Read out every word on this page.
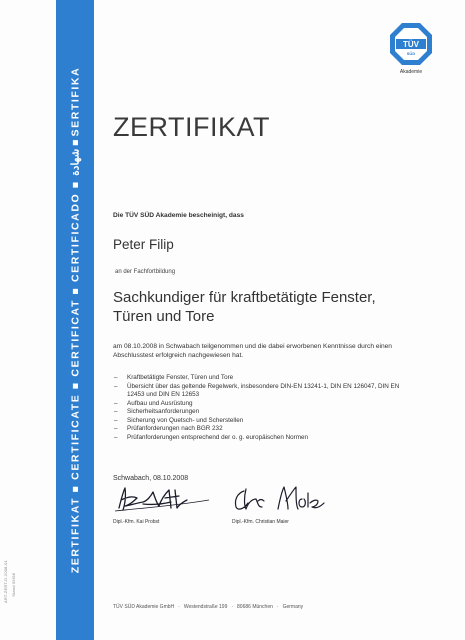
ART-ZERT-D-2008-01 Stand 05/08
ZERTIFIKAT ■ CERTIFICATE ■ CERTIFICAT ■ CERTIFICADO ■ شهادة ■ SERTIFIKA
TÜV
SÜD
Akademie
ZERTIFIKAT
Die TÜV SÜD Akademie bescheinigt, dass
Peter Filip
an der Fachfortbildung
Sachkundiger für kraftbetätigte Fenster,
Türen und Tore
am 08.10.2008 in Schwabach teilgenommen und die dabei erworbenen Kenntnisse durch einen Abschlusstest erfolgreich nachgewiesen hat.
– Kraftbetätigte Fenster, Türen und Tore
– Übersicht über das geltende Regelwerk, insbesondere DIN-EN 13241-1, DIN EN 126047, DIN EN 12453 und DIN EN 12653
– Aufbau und Ausrüstung
– Sicherheitsanforderungen
– Sicherung von Quetsch- und Scherstellen
– Prüfanforderungen nach BGR 232
– Prüfanforderungen entsprechend der o. g. europäischen Normen
Schwabach, 08.10.2008
Dipl.-Kfm. Kai Probst	Dipl.-Kfm. Christian Maier
TÜV SÜD Akademie GmbH · Westendstraße 199 · 80686 München · Germany
